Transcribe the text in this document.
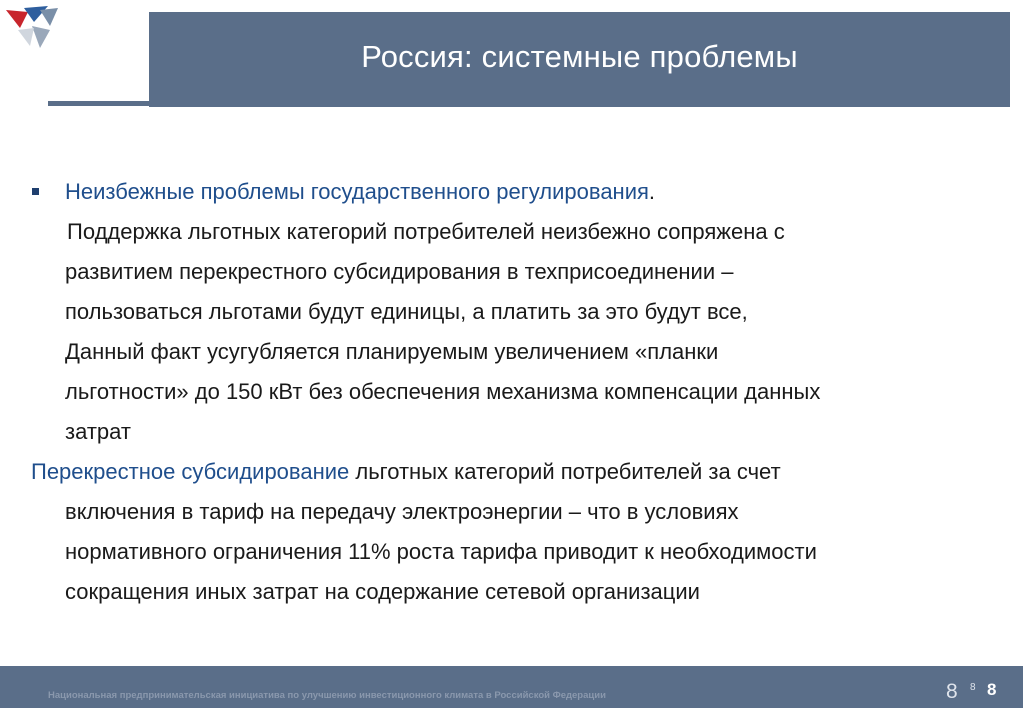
Россия: системные проблемы
Неизбежные проблемы государственного регулирования.
Поддержка льготных категорий потребителей неизбежно сопряжена с
развитием перекрестного субсидирования в техприсоединении –
пользоваться льготами будут единицы, а платить за это будут все,
Данный факт усугубляется планируемым увеличением «планки
льготности» до 150 кВт без обеспечения механизма компенсации данных
затрат
Перекрестное субсидирование льготных категорий потребителей за счет
включения в тариф на передачу электроэнергии – что в условиях
нормативного ограничения 11% роста тарифа приводит к необходимости
сокращения иных затрат на содержание сетевой организации
Национальная предпринимательская инициатива по улучшению инвестиционного климата в Российской Федерации	8 8 8
